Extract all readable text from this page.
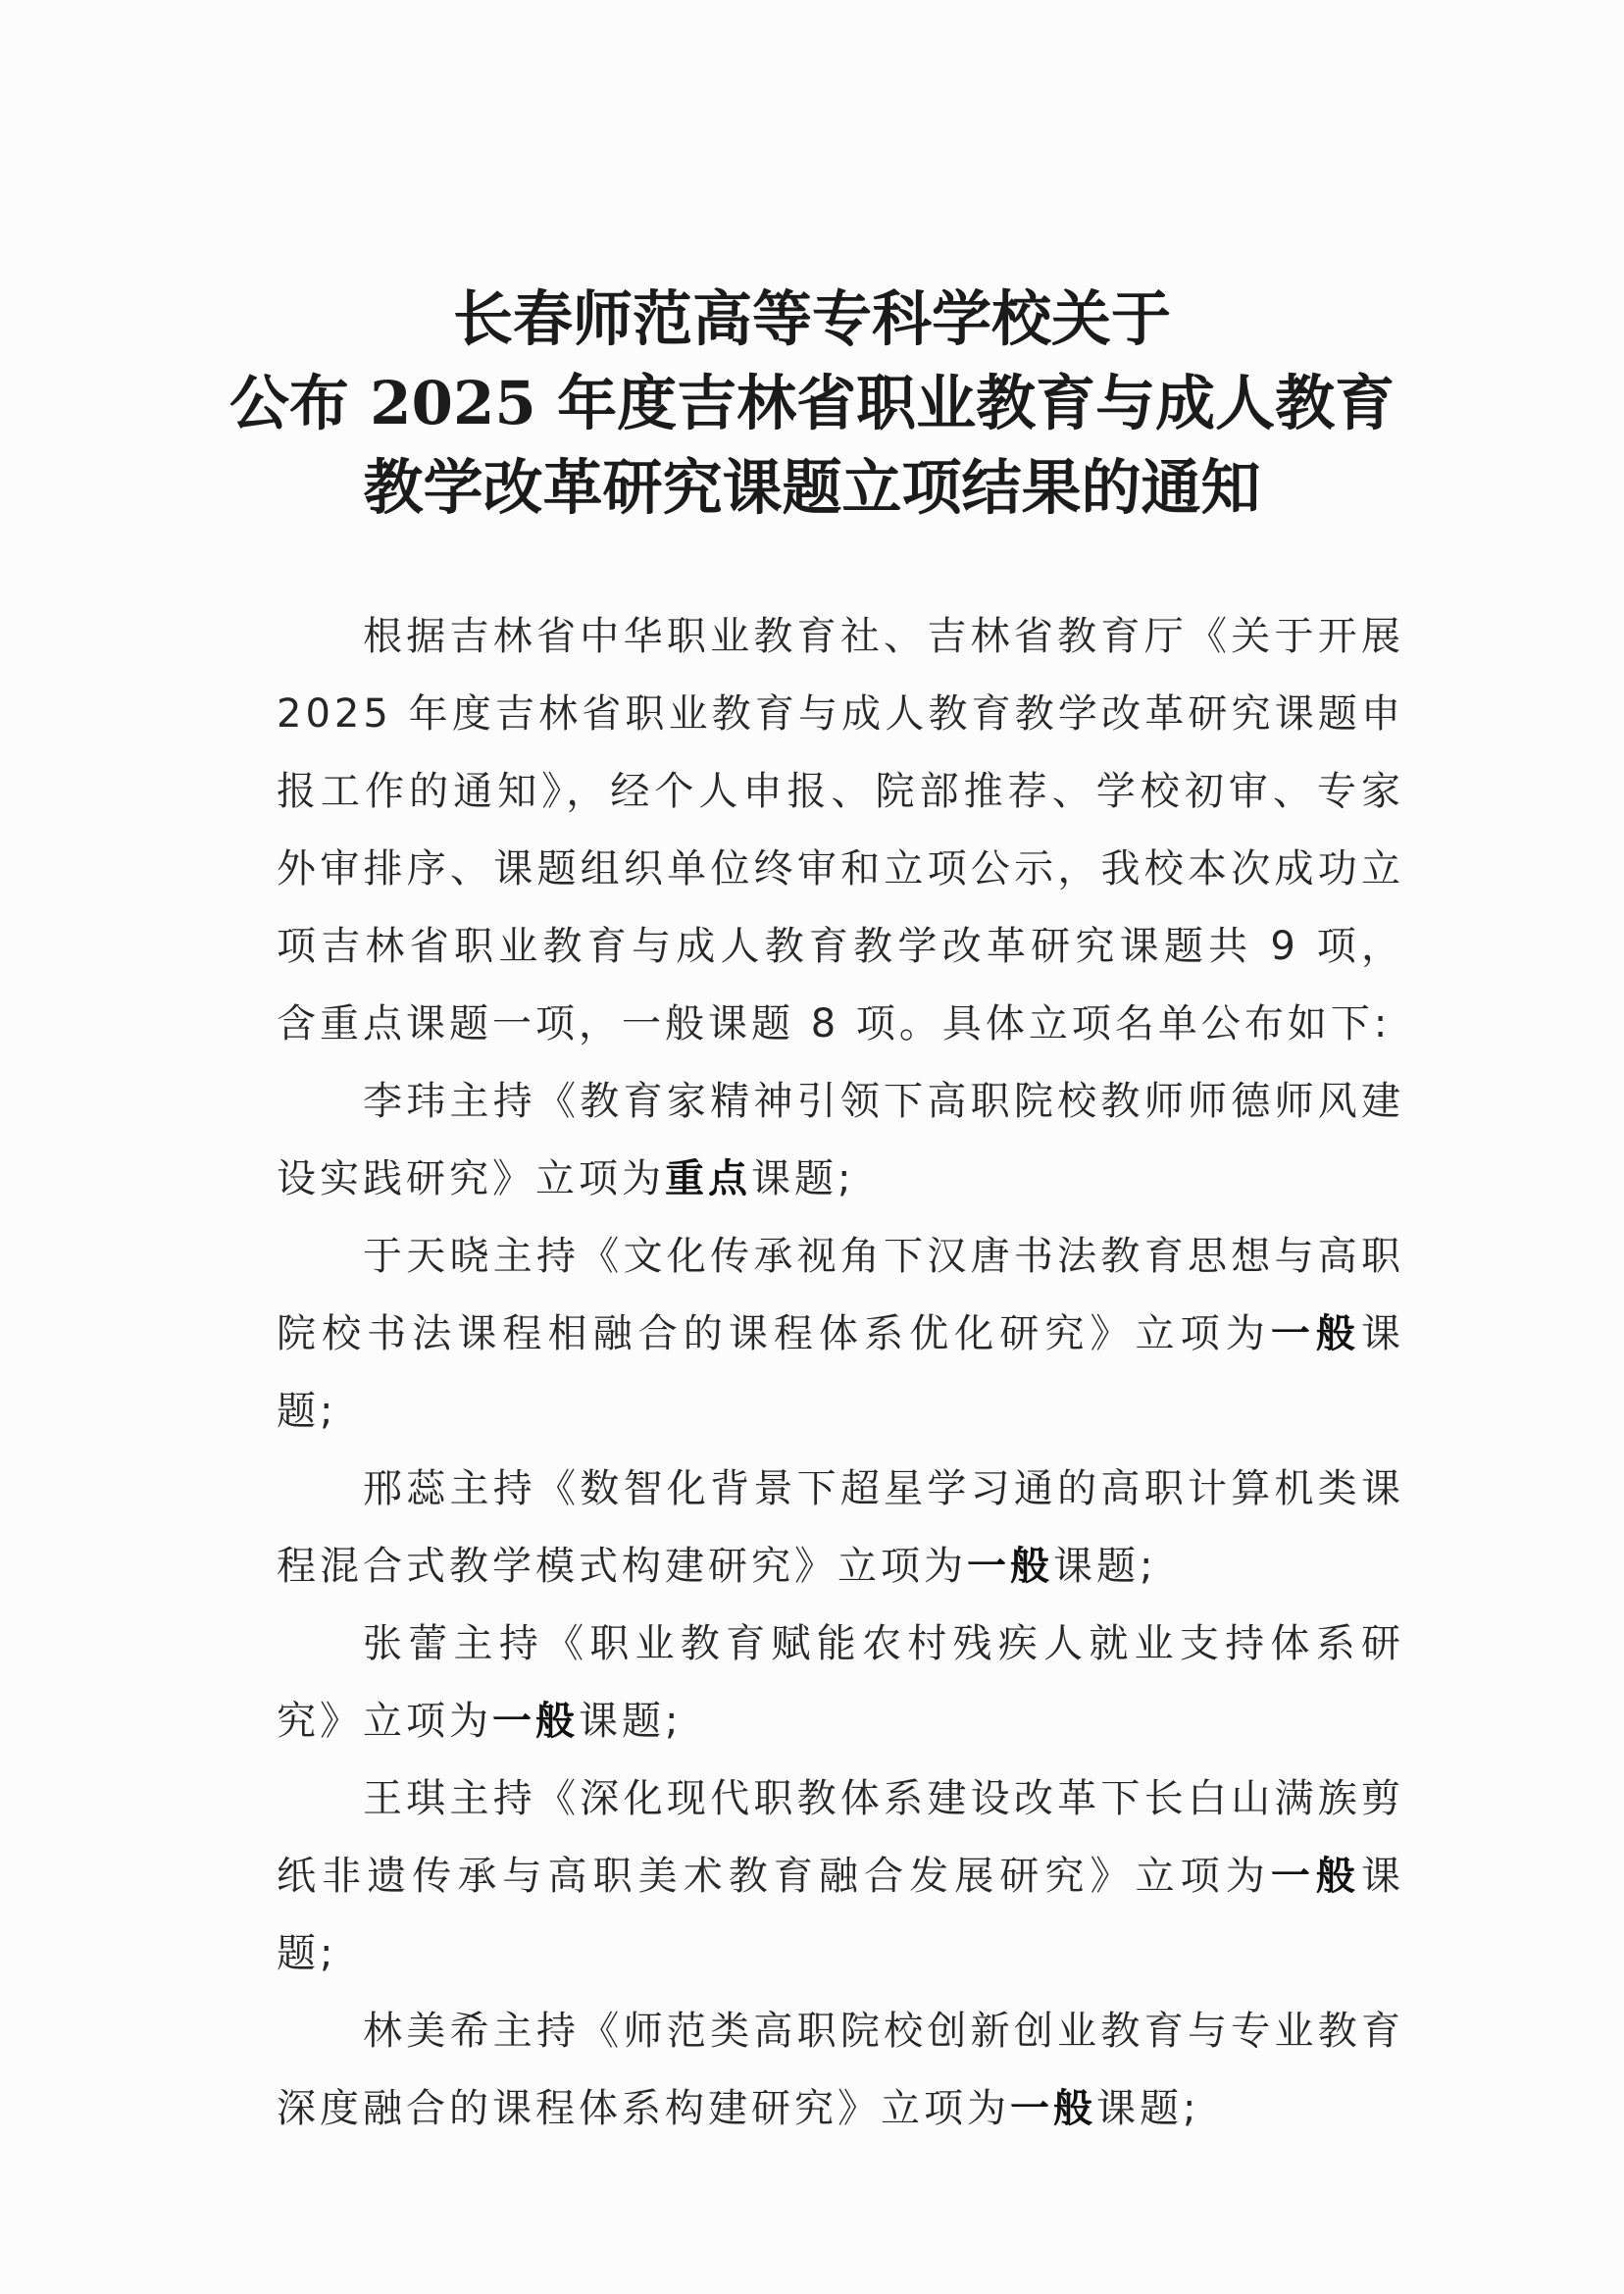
长春师范高等专科学校关于
公布 2025 年度吉林省职业教育与成人教育
教学改革研究课题立项结果的通知

根据吉林省中华职业教育社、吉林省教育厅《关于开展 2025 年度吉林省职业教育与成人教育教学改革研究课题申报工作的通知》，经个人申报、院部推荐、学校初审、专家外审排序、课题组织单位终审和立项公示，我校本次成功立项吉林省职业教育与成人教育教学改革研究课题共 9 项，含重点课题一项，一般课题 8 项。具体立项名单公布如下:

李玮主持《教育家精神引领下高职院校教师师德师风建设实践研究》立项为重点课题;

于天晓主持《文化传承视角下汉唐书法教育思想与高职院校书法课程相融合的课程体系优化研究》立项为一般课题;

邢蕊主持《数智化背景下超星学习通的高职计算机类课程混合式教学模式构建研究》立项为一般课题;

张蕾主持《职业教育赋能农村残疾人就业支持体系研究》立项为一般课题;

王琪主持《深化现代职教体系建设改革下长白山满族剪纸非遗传承与高职美术教育融合发展研究》立项为一般课题;

林美希主持《师范类高职院校创新创业教育与专业教育深度融合的课程体系构建研究》立项为一般课题;
